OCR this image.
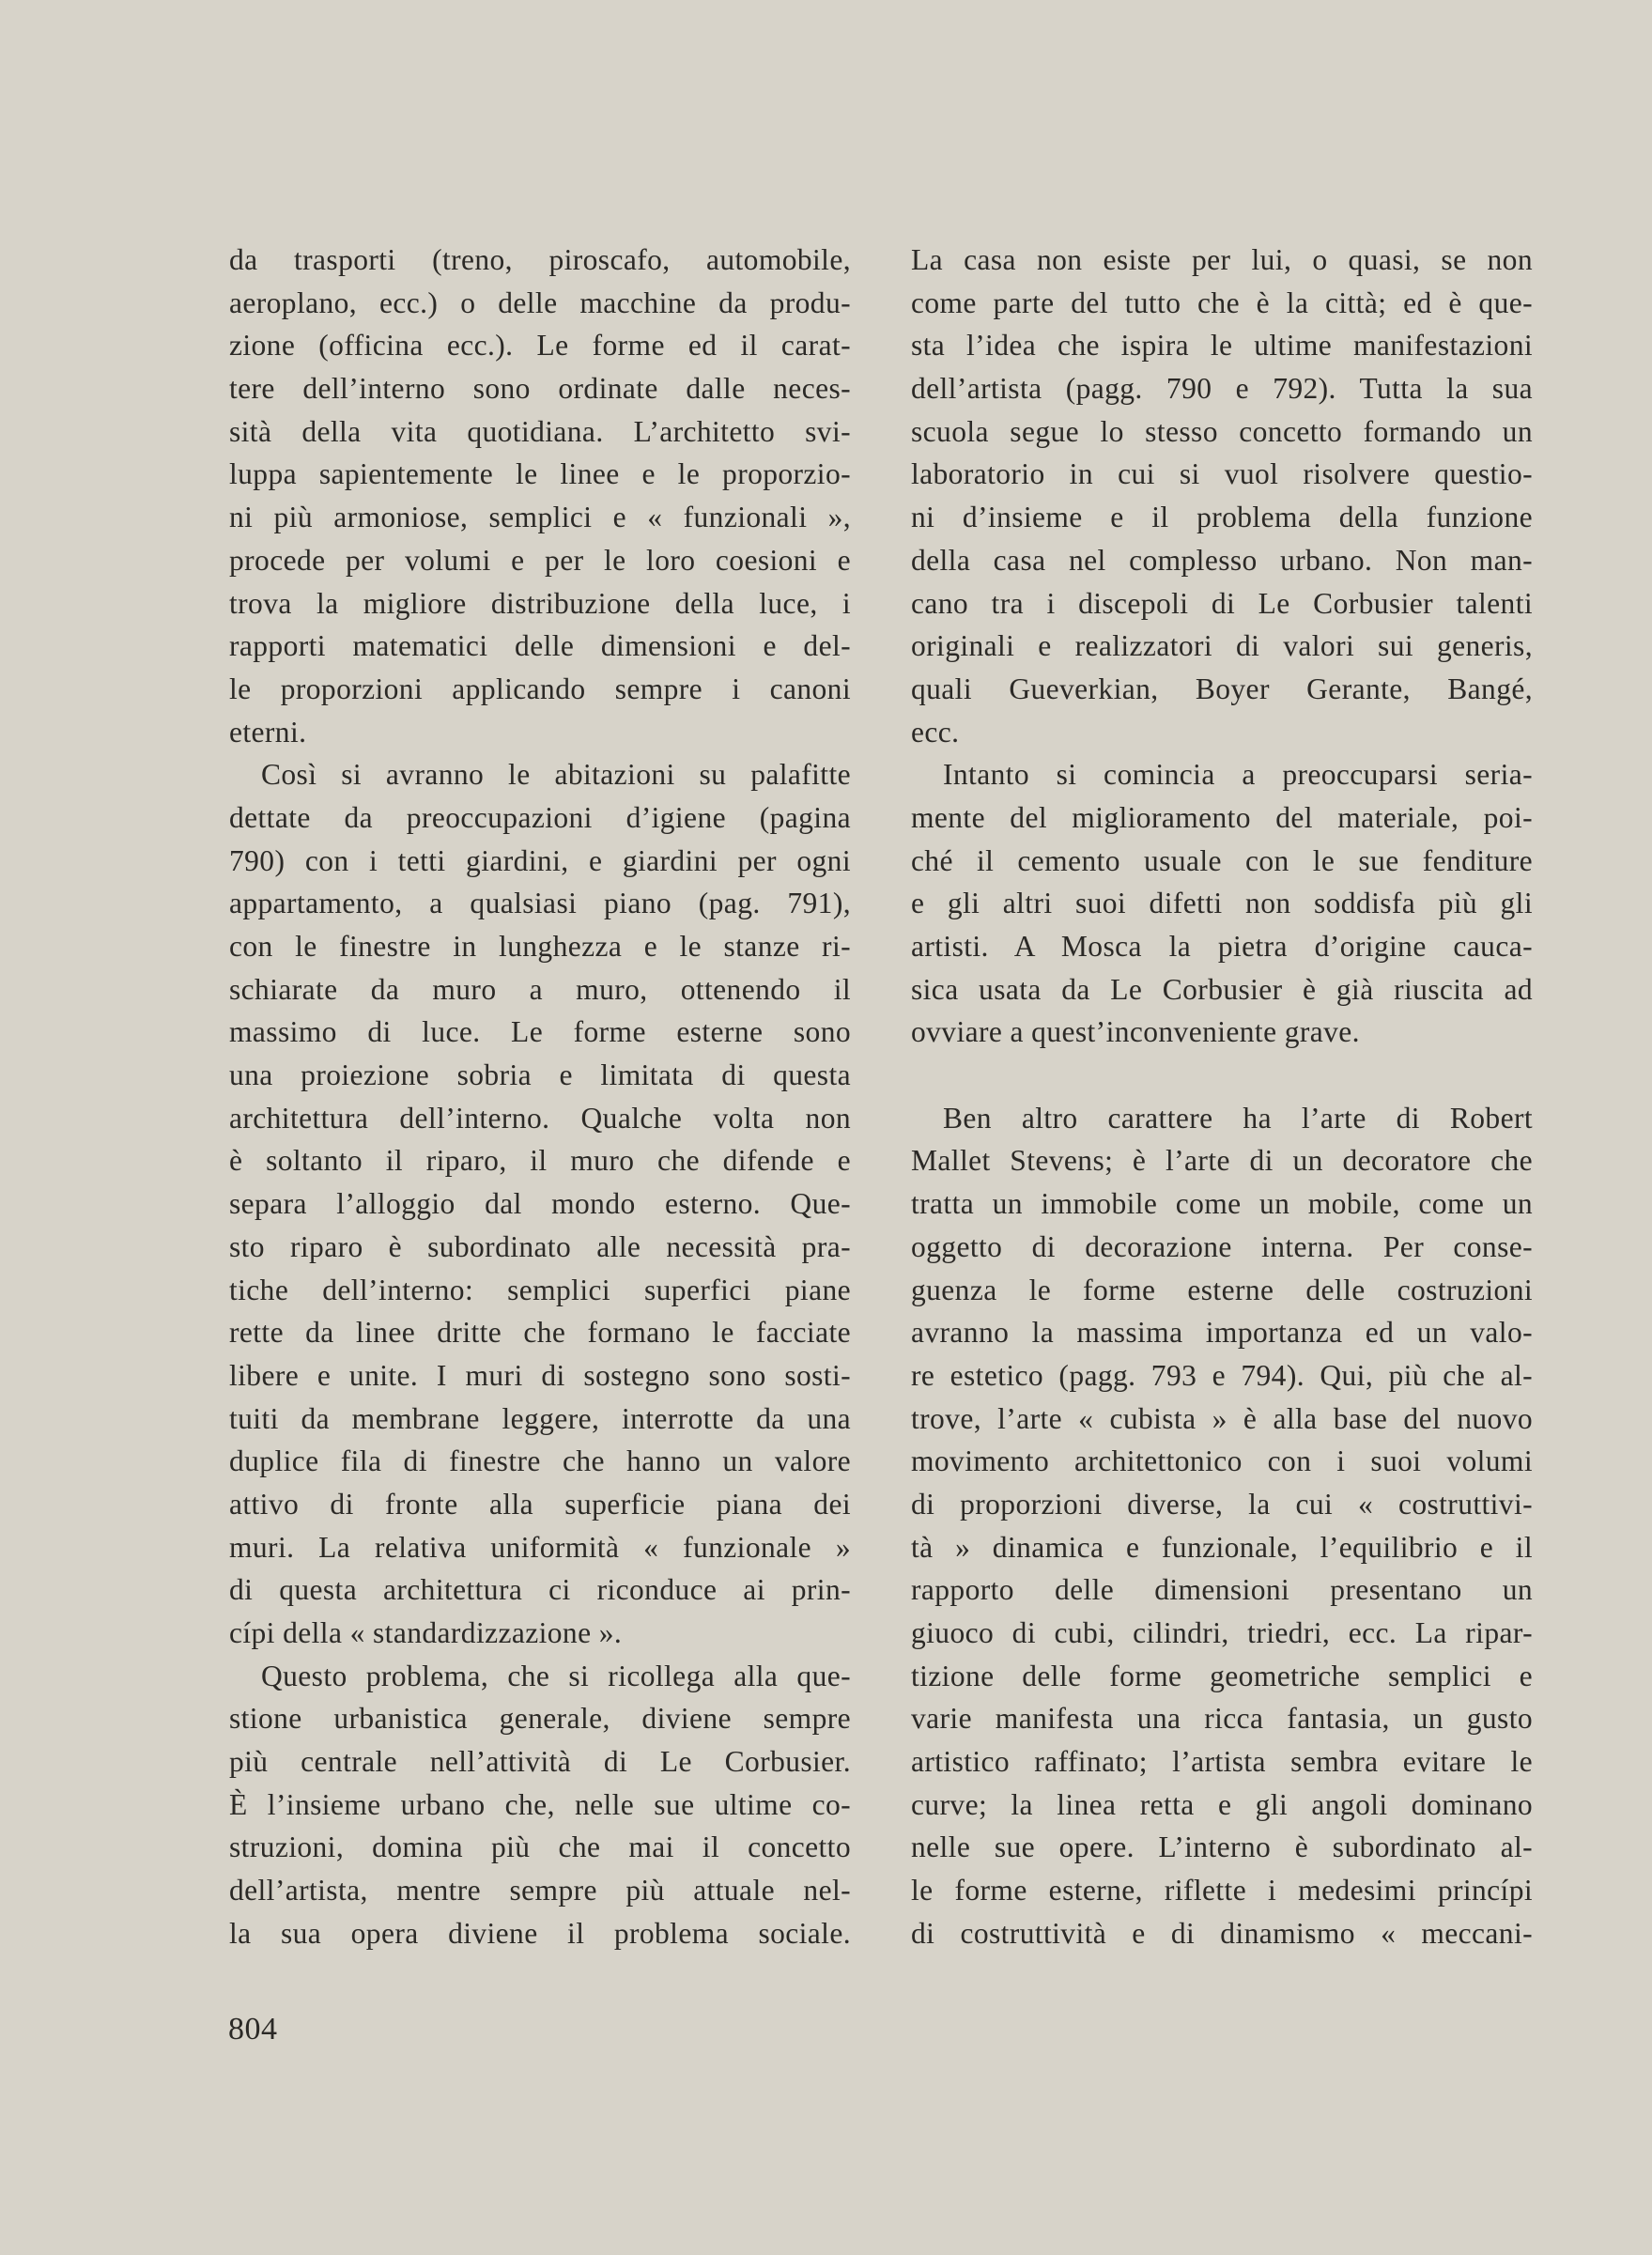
da trasporti (treno, piroscafo, automobile,
aeroplano, ecc.) o delle macchine da produ-
zione (officina ecc.). Le forme ed il carat-
tere dell’interno sono ordinate dalle neces-
sità della vita quotidiana. L’architetto svi-
luppa sapientemente le linee e le proporzio-
ni più armoniose, semplici e « funzionali »,
procede per volumi e per le loro coesioni e
trova la migliore distribuzione della luce, i
rapporti matematici delle dimensioni e del-
le proporzioni applicando sempre i canoni
eterni.
Così si avranno le abitazioni su palafitte
dettate da preoccupazioni d’igiene (pagina
790) con i tetti giardini, e giardini per ogni
appartamento, a qualsiasi piano (pag. 791),
con le finestre in lunghezza e le stanze ri-
schiarate da muro a muro, ottenendo il
massimo di luce. Le forme esterne sono
una proiezione sobria e limitata di questa
architettura dell’interno. Qualche volta non
è soltanto il riparo, il muro che difende e
separa l’alloggio dal mondo esterno. Que-
sto riparo è subordinato alle necessità pra-
tiche dell’interno: semplici superfici piane
rette da linee dritte che formano le facciate
libere e unite. I muri di sostegno sono sosti-
tuiti da membrane leggere, interrotte da una
duplice fila di finestre che hanno un valore
attivo di fronte alla superficie piana dei
muri. La relativa uniformità « funzionale »
di questa architettura ci riconduce ai prin-
cípi della « standardizzazione ».
Questo problema, che si ricollega alla que-
stione urbanistica generale, diviene sempre
più centrale nell’attività di Le Corbusier.
È l’insieme urbano che, nelle sue ultime co-
struzioni, domina più che mai il concetto
dell’artista, mentre sempre più attuale nel-
la sua opera diviene il problema sociale.
La casa non esiste per lui, o quasi, se non
come parte del tutto che è la città; ed è que-
sta l’idea che ispira le ultime manifestazioni
dell’artista (pagg. 790 e 792). Tutta la sua
scuola segue lo stesso concetto formando un
laboratorio in cui si vuol risolvere questio-
ni d’insieme e il problema della funzione
della casa nel complesso urbano. Non man-
cano tra i discepoli di Le Corbusier talenti
originali e realizzatori di valori sui generis,
quali Gueverkian, Boyer Gerante, Bangé,
ecc.
Intanto si comincia a preoccuparsi seria-
mente del miglioramento del materiale, poi-
ché il cemento usuale con le sue fenditure
e gli altri suoi difetti non soddisfa più gli
artisti. A Mosca la pietra d’origine cauca-
sica usata da Le Corbusier è già riuscita ad
ovviare a quest’inconveniente grave.
Ben altro carattere ha l’arte di Robert
Mallet Stevens; è l’arte di un decoratore che
tratta un immobile come un mobile, come un
oggetto di decorazione interna. Per conse-
guenza le forme esterne delle costruzioni
avranno la massima importanza ed un valo-
re estetico (pagg. 793 e 794). Qui, più che al-
trove, l’arte « cubista » è alla base del nuovo
movimento architettonico con i suoi volumi
di proporzioni diverse, la cui « costruttivi-
tà » dinamica e funzionale, l’equilibrio e il
rapporto delle dimensioni presentano un
giuoco di cubi, cilindri, triedri, ecc. La ripar-
tizione delle forme geometriche semplici e
varie manifesta una ricca fantasia, un gusto
artistico raffinato; l’artista sembra evitare le
curve; la linea retta e gli angoli dominano
nelle sue opere. L’interno è subordinato al-
le forme esterne, riflette i medesimi princípi
di costruttività e di dinamismo « meccani-
804
